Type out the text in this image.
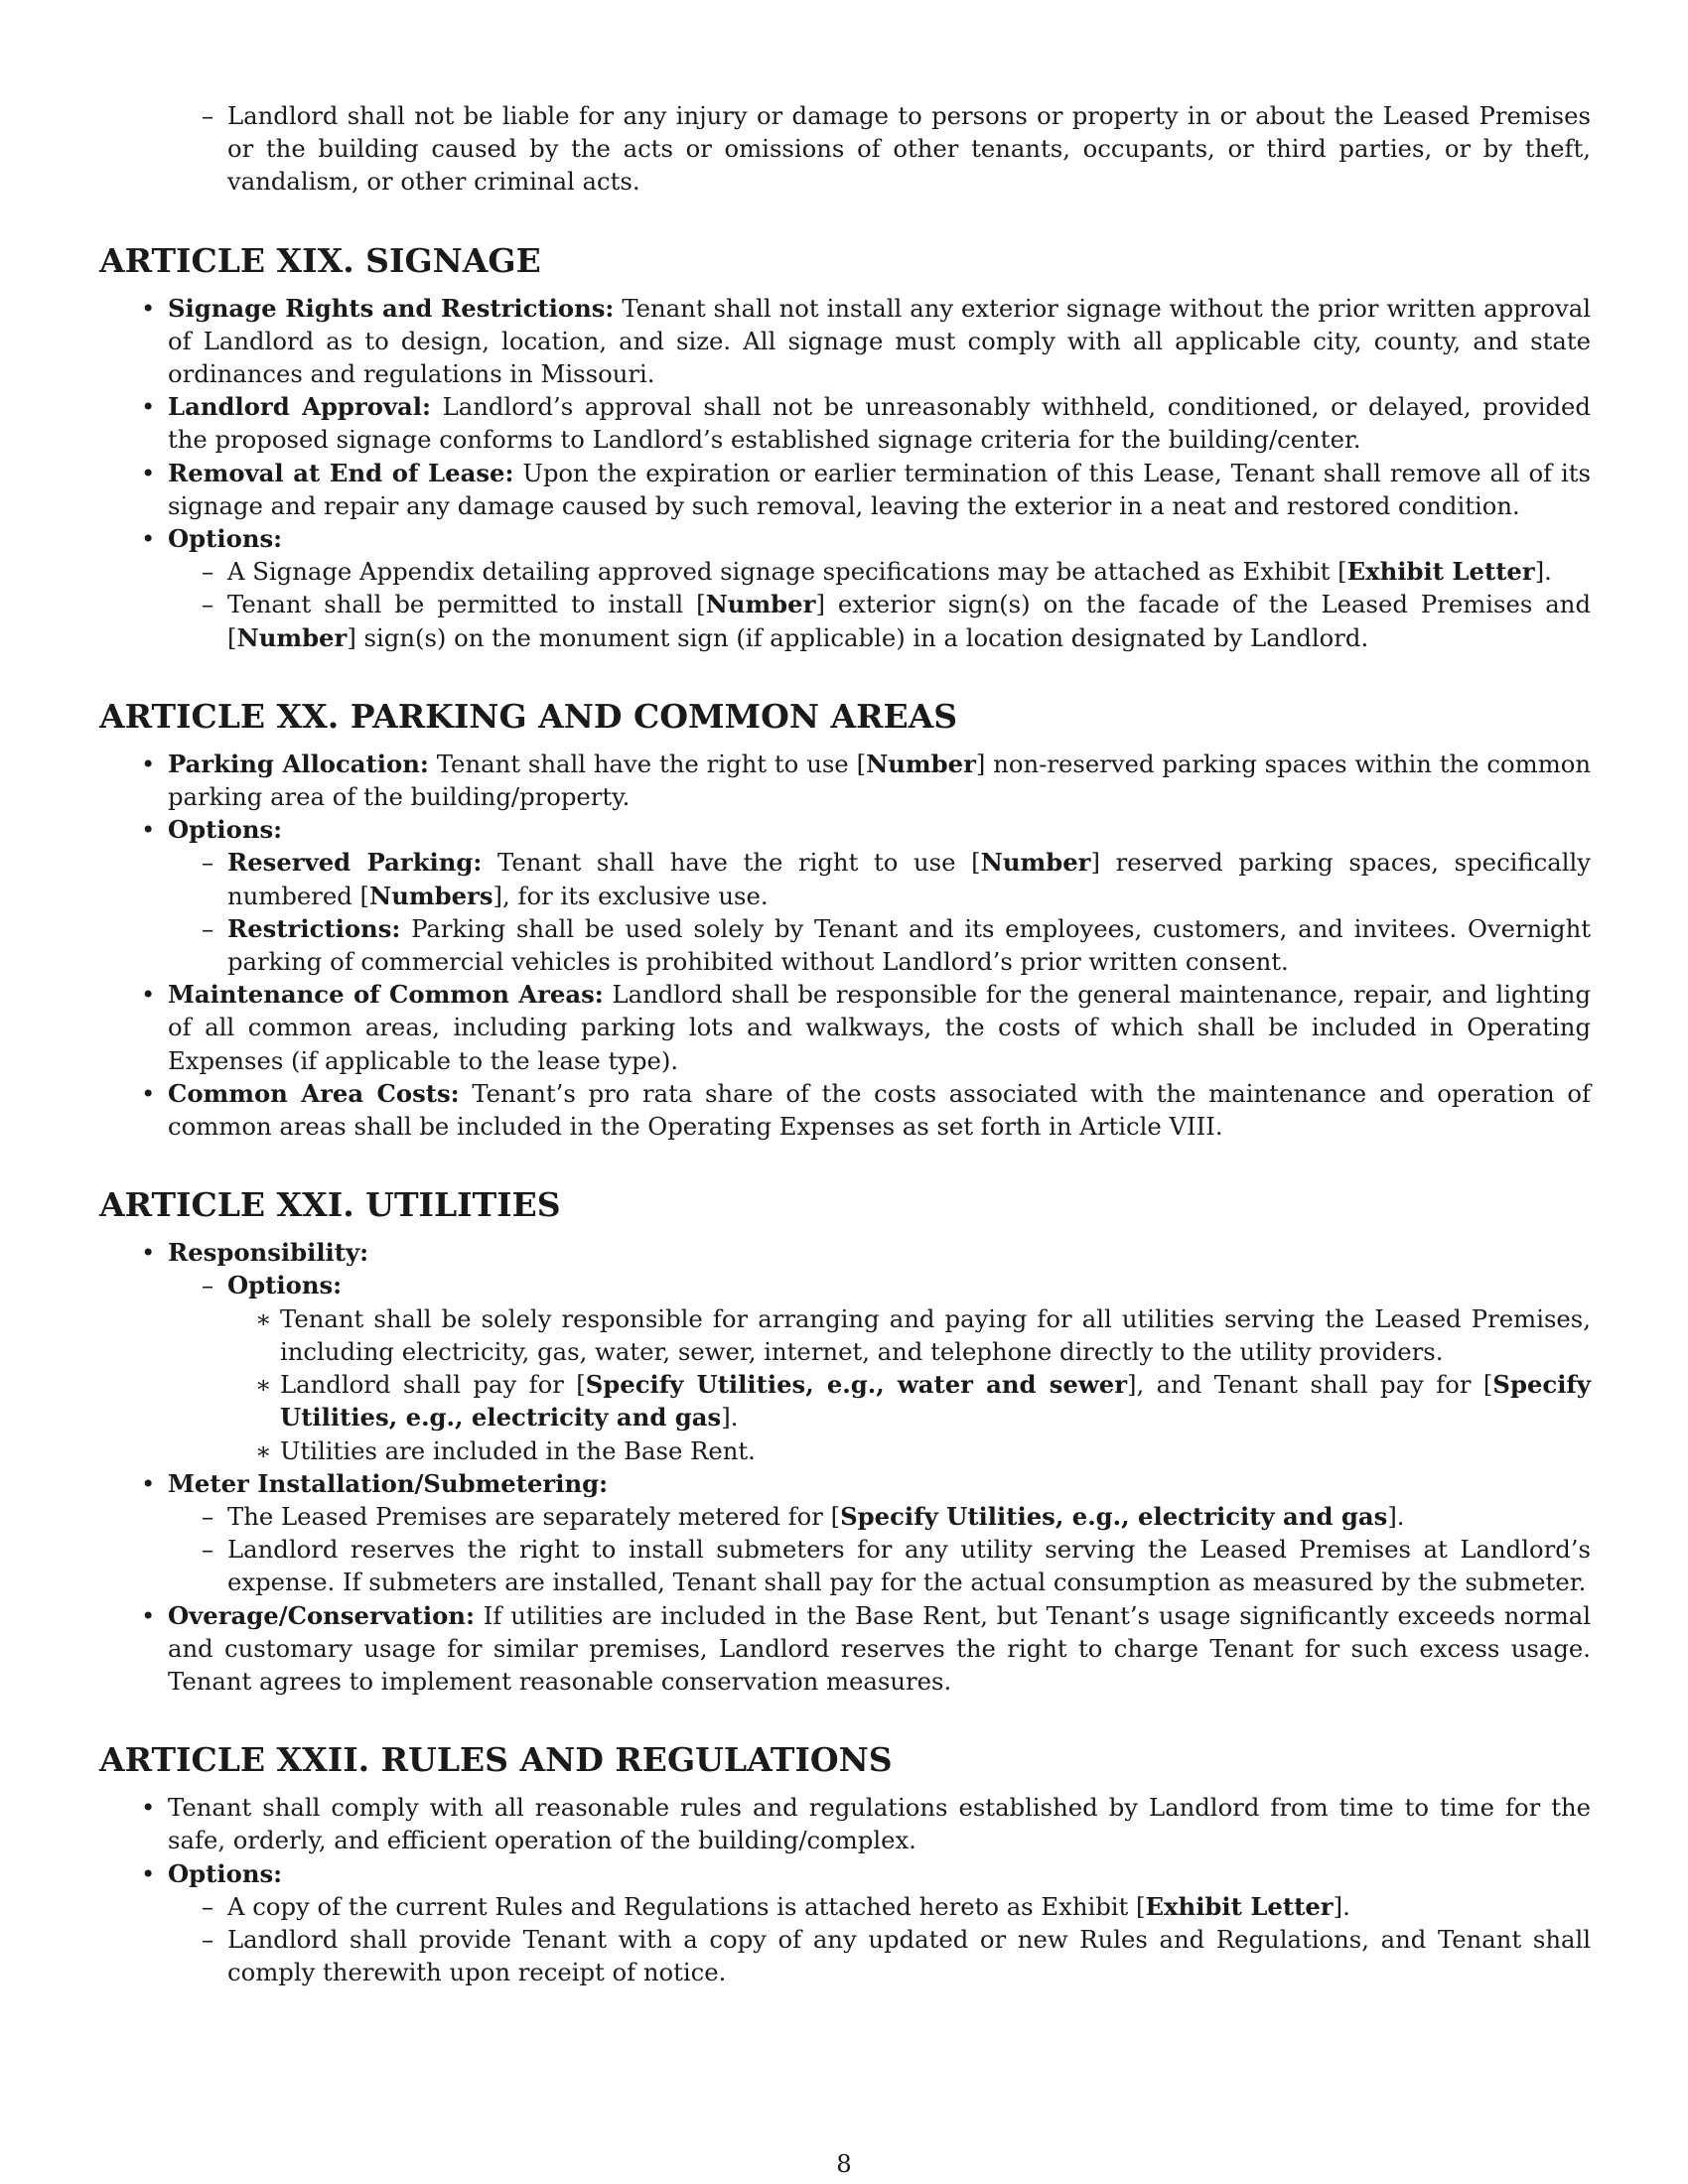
– Landlord shall not be liable for any injury or damage to persons or property in or about the Leased Premises or the building caused by the acts or omissions of other tenants, occupants, or third parties, or by theft, vandalism, or other criminal acts.
ARTICLE XIX. SIGNAGE
• Signage Rights and Restrictions: Tenant shall not install any exterior signage without the prior written approval of Landlord as to design, location, and size. All signage must comply with all applicable city, county, and state ordinances and regulations in Missouri.
• Landlord Approval: Landlord’s approval shall not be unreasonably withheld, conditioned, or delayed, provided the proposed signage conforms to Landlord’s established signage criteria for the building/center.
• Removal at End of Lease: Upon the expiration or earlier termination of this Lease, Tenant shall remove all of its signage and repair any damage caused by such removal, leaving the exterior in a neat and restored condition.
• Options:
– A Signage Appendix detailing approved signage specifications may be attached as Exhibit [Exhibit Letter].
– Tenant shall be permitted to install [Number] exterior sign(s) on the facade of the Leased Premises and [Number] sign(s) on the monument sign (if applicable) in a location designated by Landlord.
ARTICLE XX. PARKING AND COMMON AREAS
• Parking Allocation: Tenant shall have the right to use [Number] non-reserved parking spaces within the common parking area of the building/property.
• Options:
– Reserved Parking: Tenant shall have the right to use [Number] reserved parking spaces, specifically numbered [Numbers], for its exclusive use.
– Restrictions: Parking shall be used solely by Tenant and its employees, customers, and invitees. Overnight parking of commercial vehicles is prohibited without Landlord’s prior written consent.
• Maintenance of Common Areas: Landlord shall be responsible for the general maintenance, repair, and lighting of all common areas, including parking lots and walkways, the costs of which shall be included in Operating Expenses (if applicable to the lease type).
• Common Area Costs: Tenant’s pro rata share of the costs associated with the maintenance and operation of common areas shall be included in the Operating Expenses as set forth in Article VIII.
ARTICLE XXI. UTILITIES
• Responsibility:
– Options:
∗ Tenant shall be solely responsible for arranging and paying for all utilities serving the Leased Premises, including electricity, gas, water, sewer, internet, and telephone directly to the utility providers.
∗ Landlord shall pay for [Specify Utilities, e.g., water and sewer], and Tenant shall pay for [Specify Utilities, e.g., electricity and gas].
∗ Utilities are included in the Base Rent.
• Meter Installation/Submetering:
– The Leased Premises are separately metered for [Specify Utilities, e.g., electricity and gas].
– Landlord reserves the right to install submeters for any utility serving the Leased Premises at Landlord’s expense. If submeters are installed, Tenant shall pay for the actual consumption as measured by the submeter.
• Overage/Conservation: If utilities are included in the Base Rent, but Tenant’s usage significantly exceeds normal and customary usage for similar premises, Landlord reserves the right to charge Tenant for such excess usage. Tenant agrees to implement reasonable conservation measures.
ARTICLE XXII. RULES AND REGULATIONS
• Tenant shall comply with all reasonable rules and regulations established by Landlord from time to time for the safe, orderly, and efficient operation of the building/complex.
• Options:
– A copy of the current Rules and Regulations is attached hereto as Exhibit [Exhibit Letter].
– Landlord shall provide Tenant with a copy of any updated or new Rules and Regulations, and Tenant shall comply therewith upon receipt of notice.
8
